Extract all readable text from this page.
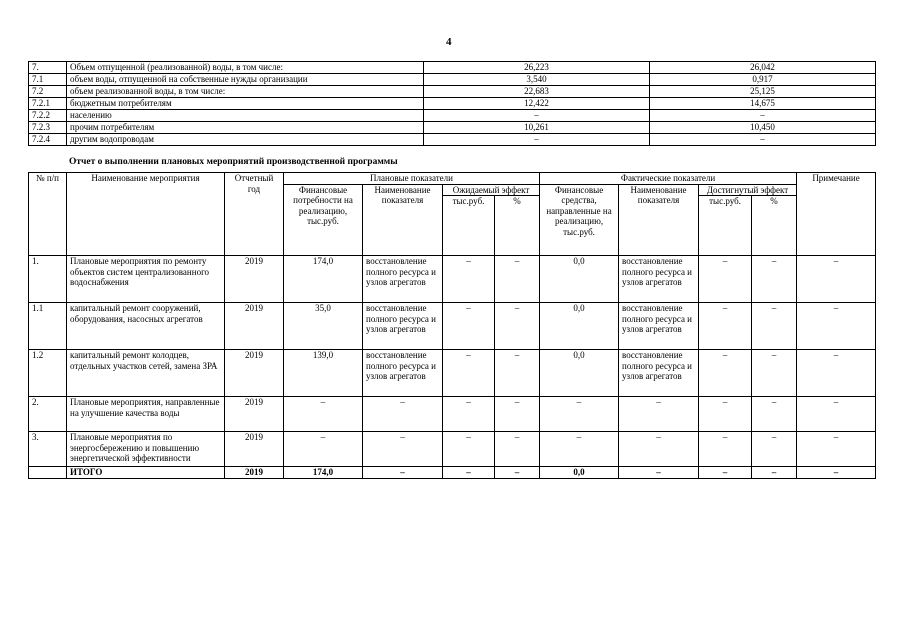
4
7.	Объем отпущенной (реализованной) воды, в том числе:	26,223	26,042
7.1	объем воды, отпущенной на собственные нужды организации	3,540	0,917
7.2	объем реализованной воды, в том числе:	22,683	25,125
7.2.1	бюджетным потребителям	12,422	14,675
7.2.2	населению	–	–
7.2.3	прочим потребителям	10,261	10,450
7.2.4	другим водопроводам	–	–
Отчет о выполнении плановых мероприятий производственной программы
№ п/п	Наименование мероприятия	Отчетный год	Плановые показатели				Фактические показатели				Примечание
			Финансовые потребности на реализацию, тыс.руб.	Наименование показателя	Ожидаемый эффект		Финансовые средства, направленные на реализацию, тыс.руб.	Наименование показателя	Достигнутый эффект		
					тыс.руб.	%			тыс.руб.	%	
1.	Плановые мероприятия по ремонту объектов систем централизованного водоснабжения	2019	174,0	восстановление полного ресурса и узлов агрегатов	–	–	0,0	восстановление полного ресурса и узлов агрегатов	–	–	–
1.1	капитальный ремонт сооружений, оборудования, насосных агрегатов	2019	35,0	восстановление полного ресурса и узлов агрегатов	–	–	0,0	восстановление полного ресурса и узлов агрегатов	–	–	–
1.2	капитальный ремонт колодцев, отдельных участков сетей, замена ЗРА	2019	139,0	восстановление полного ресурса и узлов агрегатов	–	–	0,0	восстановление полного ресурса и узлов агрегатов	–	–	–
2.	Плановые мероприятия, направленные на улучшение качества воды	2019	–	–	–	–	–	–	–	–	–
3.	Плановые мероприятия по энергосбережению и повышению энергетической эффективности	2019	–	–	–	–	–	–	–	–	–
	ИТОГО	2019	174,0	–	–	–	0,0	–	–	–	–
